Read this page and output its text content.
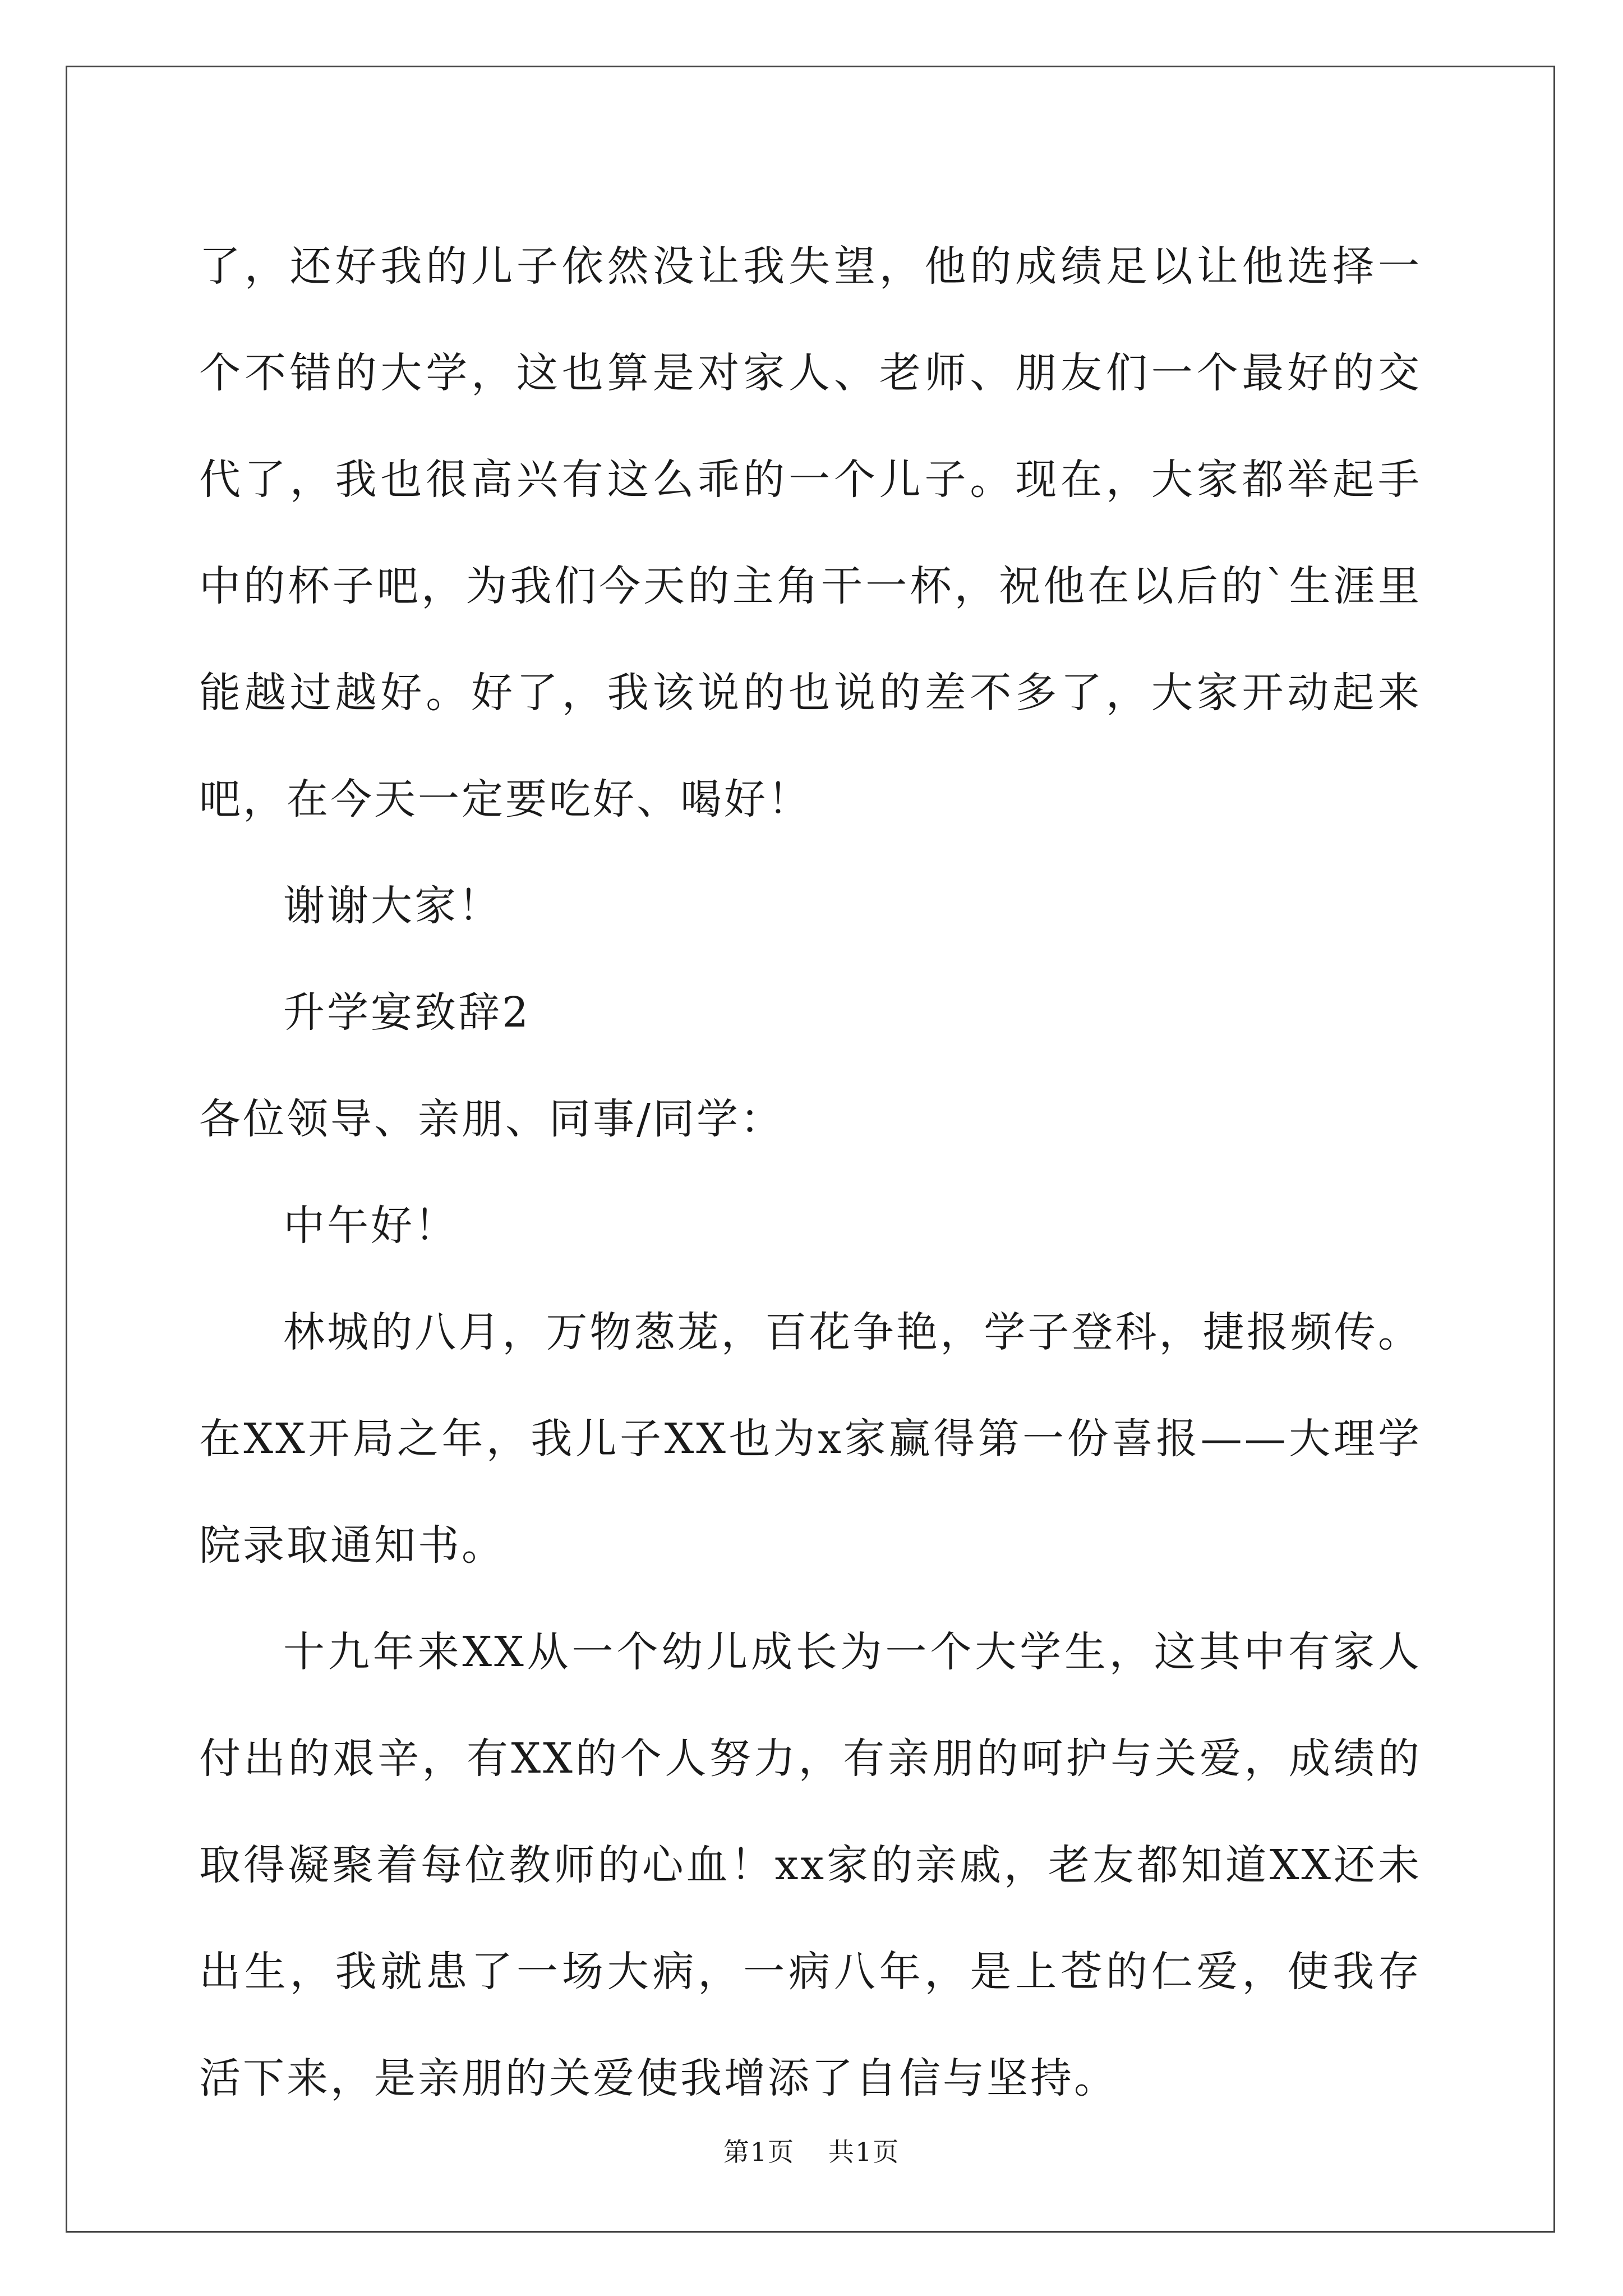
了，还好我的儿子依然没让我失望，他的成绩足以让他选择一个不错的大学，这也算是对家人、老师、朋友们一个最好的交代了，我也很高兴有这么乖的一个儿子。现在，大家都举起手中的杯子吧，为我们今天的主角干一杯，祝他在以后的`生涯里能越过越好。好了，我该说的也说的差不多了，大家开动起来吧，在今天一定要吃好、喝好！

谢谢大家！

升学宴致辞2

各位领导、亲朋、同事/同学：

中午好！

林城的八月，万物葱茏，百花争艳，学子登科，捷报频传。在XX开局之年，我儿子XX也为x家赢得第一份喜报——大理学院录取通知书。

十九年来XX从一个幼儿成长为一个大学生，这其中有家人付出的艰辛，有XX的个人努力，有亲朋的呵护与关爱，成绩的取得凝聚着每位教师的心血！xx家的亲戚，老友都知道XX还未出生，我就患了一场大病，一病八年，是上苍的仁爱，使我存活下来，是亲朋的关爱使我增添了自信与坚持。

第1页 共1页
